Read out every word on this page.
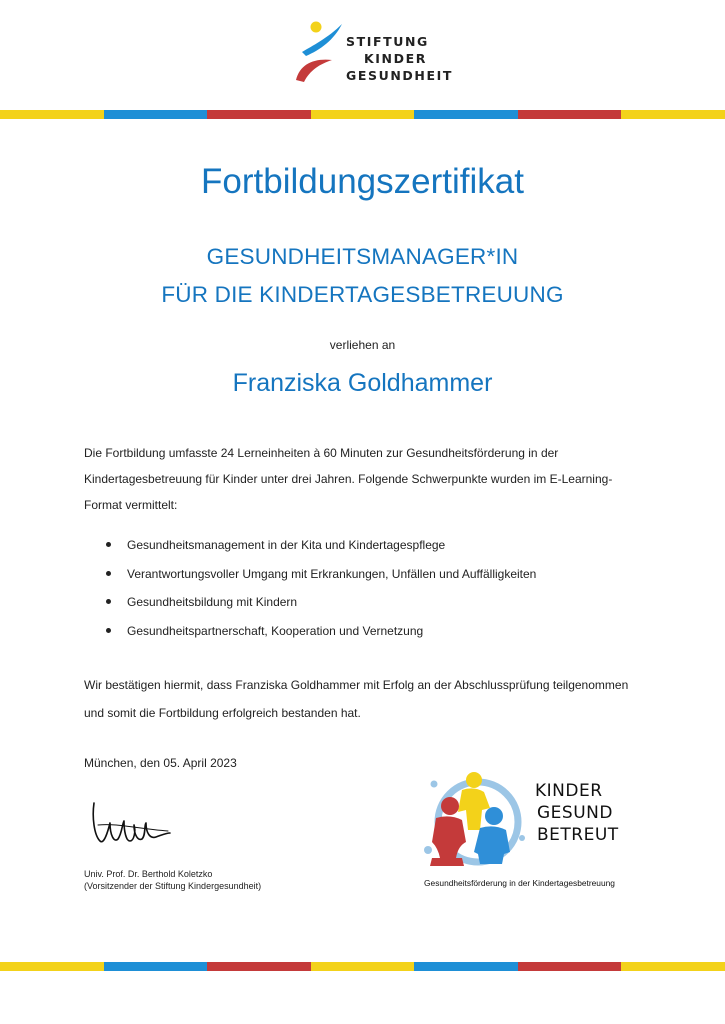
STIFTUNG
KINDER
GESUNDHEIT
Fortbildungszertifikat
GESUNDHEITSMANAGER*IN
FÜR DIE KINDERTAGESBETREUUNG
verliehen an
Franziska Goldhammer
Die Fortbildung umfasste 24 Lerneinheiten à 60 Minuten zur Gesundheitsförderung in der Kindertagesbetreuung für Kinder unter drei Jahren. Folgende Schwerpunkte wurden im E-Learning-Format vermittelt:
Gesundheitsmanagement in der Kita und Kindertagespflege
Verantwortungsvoller Umgang mit Erkrankungen, Unfällen und Auffälligkeiten
Gesundheitsbildung mit Kindern
Gesundheitspartnerschaft, Kooperation und Vernetzung
Wir bestätigen hiermit, dass Franziska Goldhammer mit Erfolg an der Abschlussprüfung teilgenommen und somit die Fortbildung erfolgreich bestanden hat.
München, den 05. April 2023
Univ. Prof. Dr. Berthold Koletzko
(Vorsitzender der Stiftung Kindergesundheit)
KINDER
GESUND
BETREUT
Gesundheitsförderung in der Kindertagesbetreuung
